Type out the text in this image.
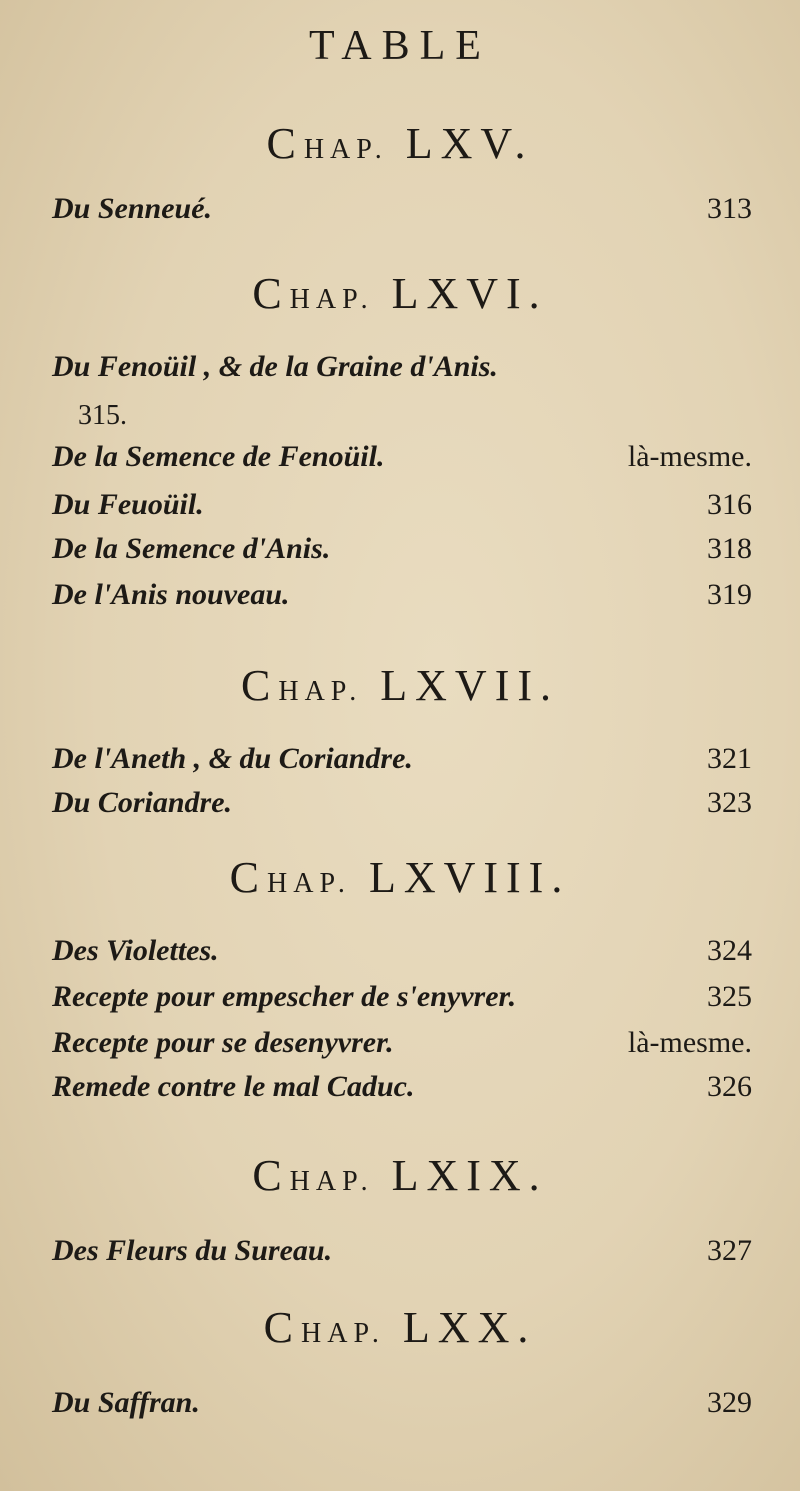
TABLE
CHAP. LXV.
Du Senneué.	313
CHAP. LXVI.
Du Fenoüil , & de la Graine d'Anis.
315.
De la Semence de Fenoüil.	là-mesme.
Du Feuoüil.	316
De la Semence d'Anis.	318
De l'Anis nouveau.	319
CHAP. LXVII.
De l'Aneth , & du Coriandre.	321
Du Coriandre.	323
CHAP. LXVIII.
Des Violettes.	324
Recepte pour empescher de s'enyvrer.	325
Recepte pour se desenyvrer.	là-mesme.
Remede contre le mal Caduc.	326
CHAP. LXIX.
Des Fleurs du Sureau.	327
CHAP. LXX.
Du Saffran.	329
